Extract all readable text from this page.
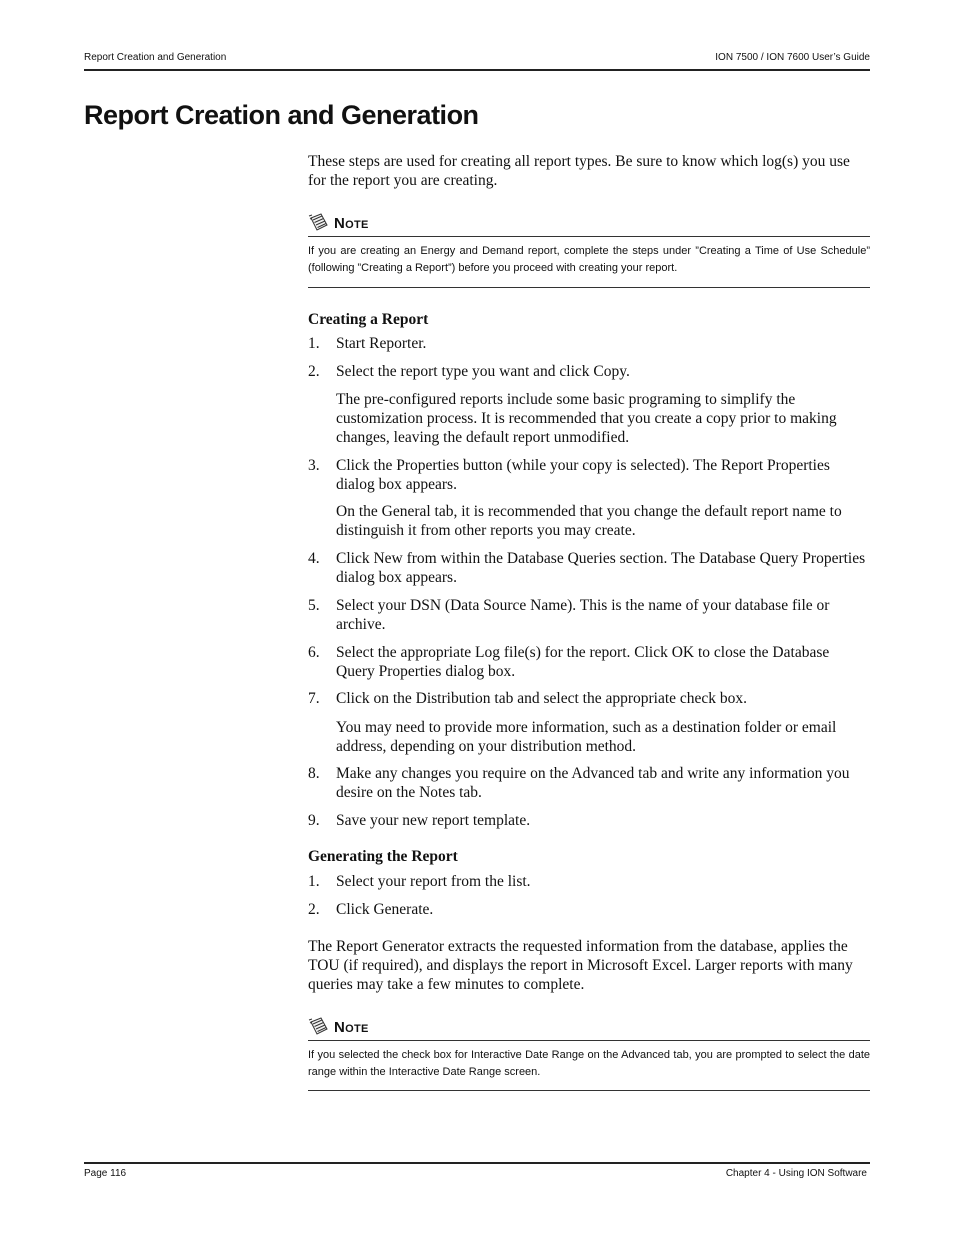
Report Creation and Generation	ION 7500 / ION 7600 User’s Guide
Report Creation and Generation

These steps are used for creating all report types. Be sure to know which log(s) you use for the report you are creating.

Note
If you are creating an Energy and Demand report, complete the steps under ”Creating a Time of Use Schedule” (following ”Creating a Report”) before you proceed with creating your report.
Creating a Report
1. Start Reporter.
2. Select the report type you want and click Copy.
The pre-configured reports include some basic programing to simplify the customization process. It is recommended that you create a copy prior to making changes, leaving the default report unmodified.
3. Click the Properties button (while your copy is selected). The Report Properties dialog box appears.
On the General tab, it is recommended that you change the default report name to distinguish it from other reports you may create.
4. Click New from within the Database Queries section. The Database Query Properties dialog box appears.
5. Select your DSN (Data Source Name). This is the name of your database file or archive.
6. Select the appropriate Log file(s) for the report. Click OK to close the Database Query Properties dialog box.
7. Click on the Distribution tab and select the appropriate check box.
You may need to provide more information, such as a destination folder or email address, depending on your distribution method.
8. Make any changes you require on the Advanced tab and write any information you desire on the Notes tab.
9. Save your new report template.
Generating the Report
1. Select your report from the list.
2. Click Generate.

The Report Generator extracts the requested information from the database, applies the TOU (if required), and displays the report in Microsoft Excel. Larger reports with many queries may take a few minutes to complete.

Note
If you selected the check box for Interactive Date Range on the Advanced tab, you are prompted to select the date range within the Interactive Date Range screen.
Page 116	Chapter 4 - Using ION Software
